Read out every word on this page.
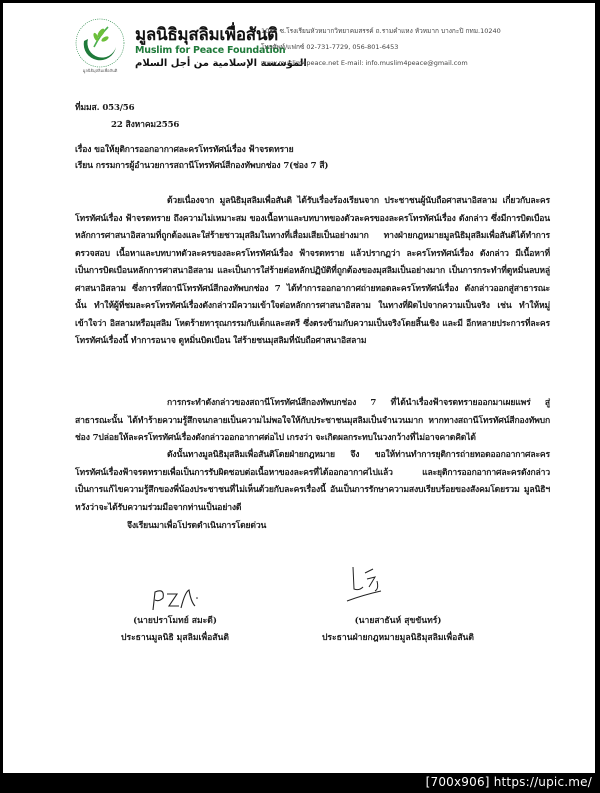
มูลนิธิมุสลิมเพื่อสันติ
มูลนิธิมุสลิมเพื่อสันติ
Muslim for Peace Foundation
المؤسسة الإسلامية من أجل السلام
1043 ซ.โรงเรียนหัวหมากวิทยาคมสรรค์ ถ.รามคำแหง หัวหมาก บางกะปิ กทม.10240
โทรศัพท์/แฟกซ์ 02-731-7729, 056-801-6453
www.muslim4peace.net E-mail: info.muslim4peace@gmail.com
ที่มมส. 053/56
22 สิงหาคม2556
เรื่อง ขอให้ยุติการออกอากาศละครโทรทัศน์เรื่อง ฟ้าจรดทราย
เรียน กรรมการผู้อำนวยการสถานีโทรทัศน์สีกองทัพบกช่อง 7(ช่อง 7 สี)
ด้วยเนื่องจาก มูลนิธิมุสลิมเพื่อสันติ ได้รับเรื่องร้องเรียนจาก ประชาชนผู้นับถือศาสนาอิสลาม เกี่ยวกับละครโทรทัศน์เรื่อง ฟ้าจรดทราย ถึงความไม่เหมาะสม ของเนื้อหาและบทบาทของตัวละครของละครโทรทัศน์เรื่อง ดังกล่าว ซึ่งมีการบิดเบือนหลักการศาสนาอิสลามที่ถูกต้องและใส่ร้ายชาวมุสลิมในทางที่เสื่อมเสียเป็นอย่างมาก ทางฝ่ายกฎหมายมูลนิธิมุสลิมเพื่อสันติได้ทำการตรวจสอบ เนื้อหาและบทบาทตัวละครของละครโทรทัศน์เรื่อง ฟ้าจรดทราย แล้วปรากฏว่า ละครโทรทัศน์เรื่อง ดังกล่าว มีเนื้อหาที่เป็นการบิดเบือนหลักการศาสนาอิสลาม และเป็นการใส่ร้ายต่อหลักปฏิบัติที่ถูกต้องของมุสลิมเป็นอย่างมาก เป็นการกระทำที่ดูหมิ่นลบหลู่ศาสนาอิสลาม ซึ่งการที่สถานีโทรทัศน์สีกองทัพบกช่อง 7 ได้ทำการออกอากาศถ่ายทอดละครโทรทัศน์เรื่อง ดังกล่าวออกสู่สาธารณะ นั้น ทำให้ผู้ที่ชมละครโทรทัศน์เรื่องดังกล่าวมีความเข้าใจต่อหลักการศาสนาอิสลาม ในทางที่ผิดไปจากความเป็นจริง เช่น ทำให้หมู่เข้าใจว่า อิสลามหรือมุสลิม โหดร้ายทารุณกรรมกับเด็กและสตรี ซึ่งตรงข้ามกับความเป็นจริงโดยสิ้นเชิง และมี อีกหลายประการที่ละครโทรทัศน์เรื่องนี้ ทำการอนาจ ดูหมิ่นบิดเบือน ใส่ร้ายชนมุสลิมที่นับถือศาสนาอิสลาม
การกระทำดังกล่าวของสถานีโทรทัศน์สีกองทัพบกช่อง 7 ที่ได้นำเรื่องฟ้าจรดทรายออกมาเผยแพร่ สู่สาธารณะนั้น ได้ทำร้ายความรู้สึกจนกลายเป็นความไม่พอใจให้กับประชาชนมุสลิมเป็นจำนวนมาก หากทางสถานีโทรทัศน์สีกองทัพบกช่อง 7ปล่อยให้ละครโทรทัศน์เรื่องดังกล่าวออกอากาศต่อไป เกรงว่า จะเกิดผลกระทบในวงกว้างที่ไม่อาจคาดคิดได้
ดังนั้นทางมูลนิธิมุสลิมเพื่อสันติโดยฝ่ายกฎหมาย จึง ขอให้ท่านทำการยุติการถ่ายทอดออกอากาศละครโทรทัศน์เรื่องฟ้าจรดทรายเพื่อเป็นการรับผิดชอบต่อเนื้อหาของละครที่ได้ออกอากาศไปแล้ว และยุติการออกอากาศละครดังกล่าวเป็นการแก้ไขความรู้สึกของพี่น้องประชาชนที่ไม่เห็นด้วยกับละครเรื่องนี้ อันเป็นการรักษาความสงบเรียบร้อยของสังคมโดยรวม มูลนิธิฯหวังว่าจะได้รับความร่วมมือจากท่านเป็นอย่างดี
จึงเรียนมาเพื่อโปรดดำเนินการโดยด่วน
(นายปราโมทย์ สมะดี)
ประธานมูลนิธิ มุสลิมเพื่อสันติ
(นายสาธันห์ สุขขันทร์)
ประธานฝ่ายกฎหมายมูลนิธิมุสลิมเพื่อสันติ
[700x906] https://upic.me/
